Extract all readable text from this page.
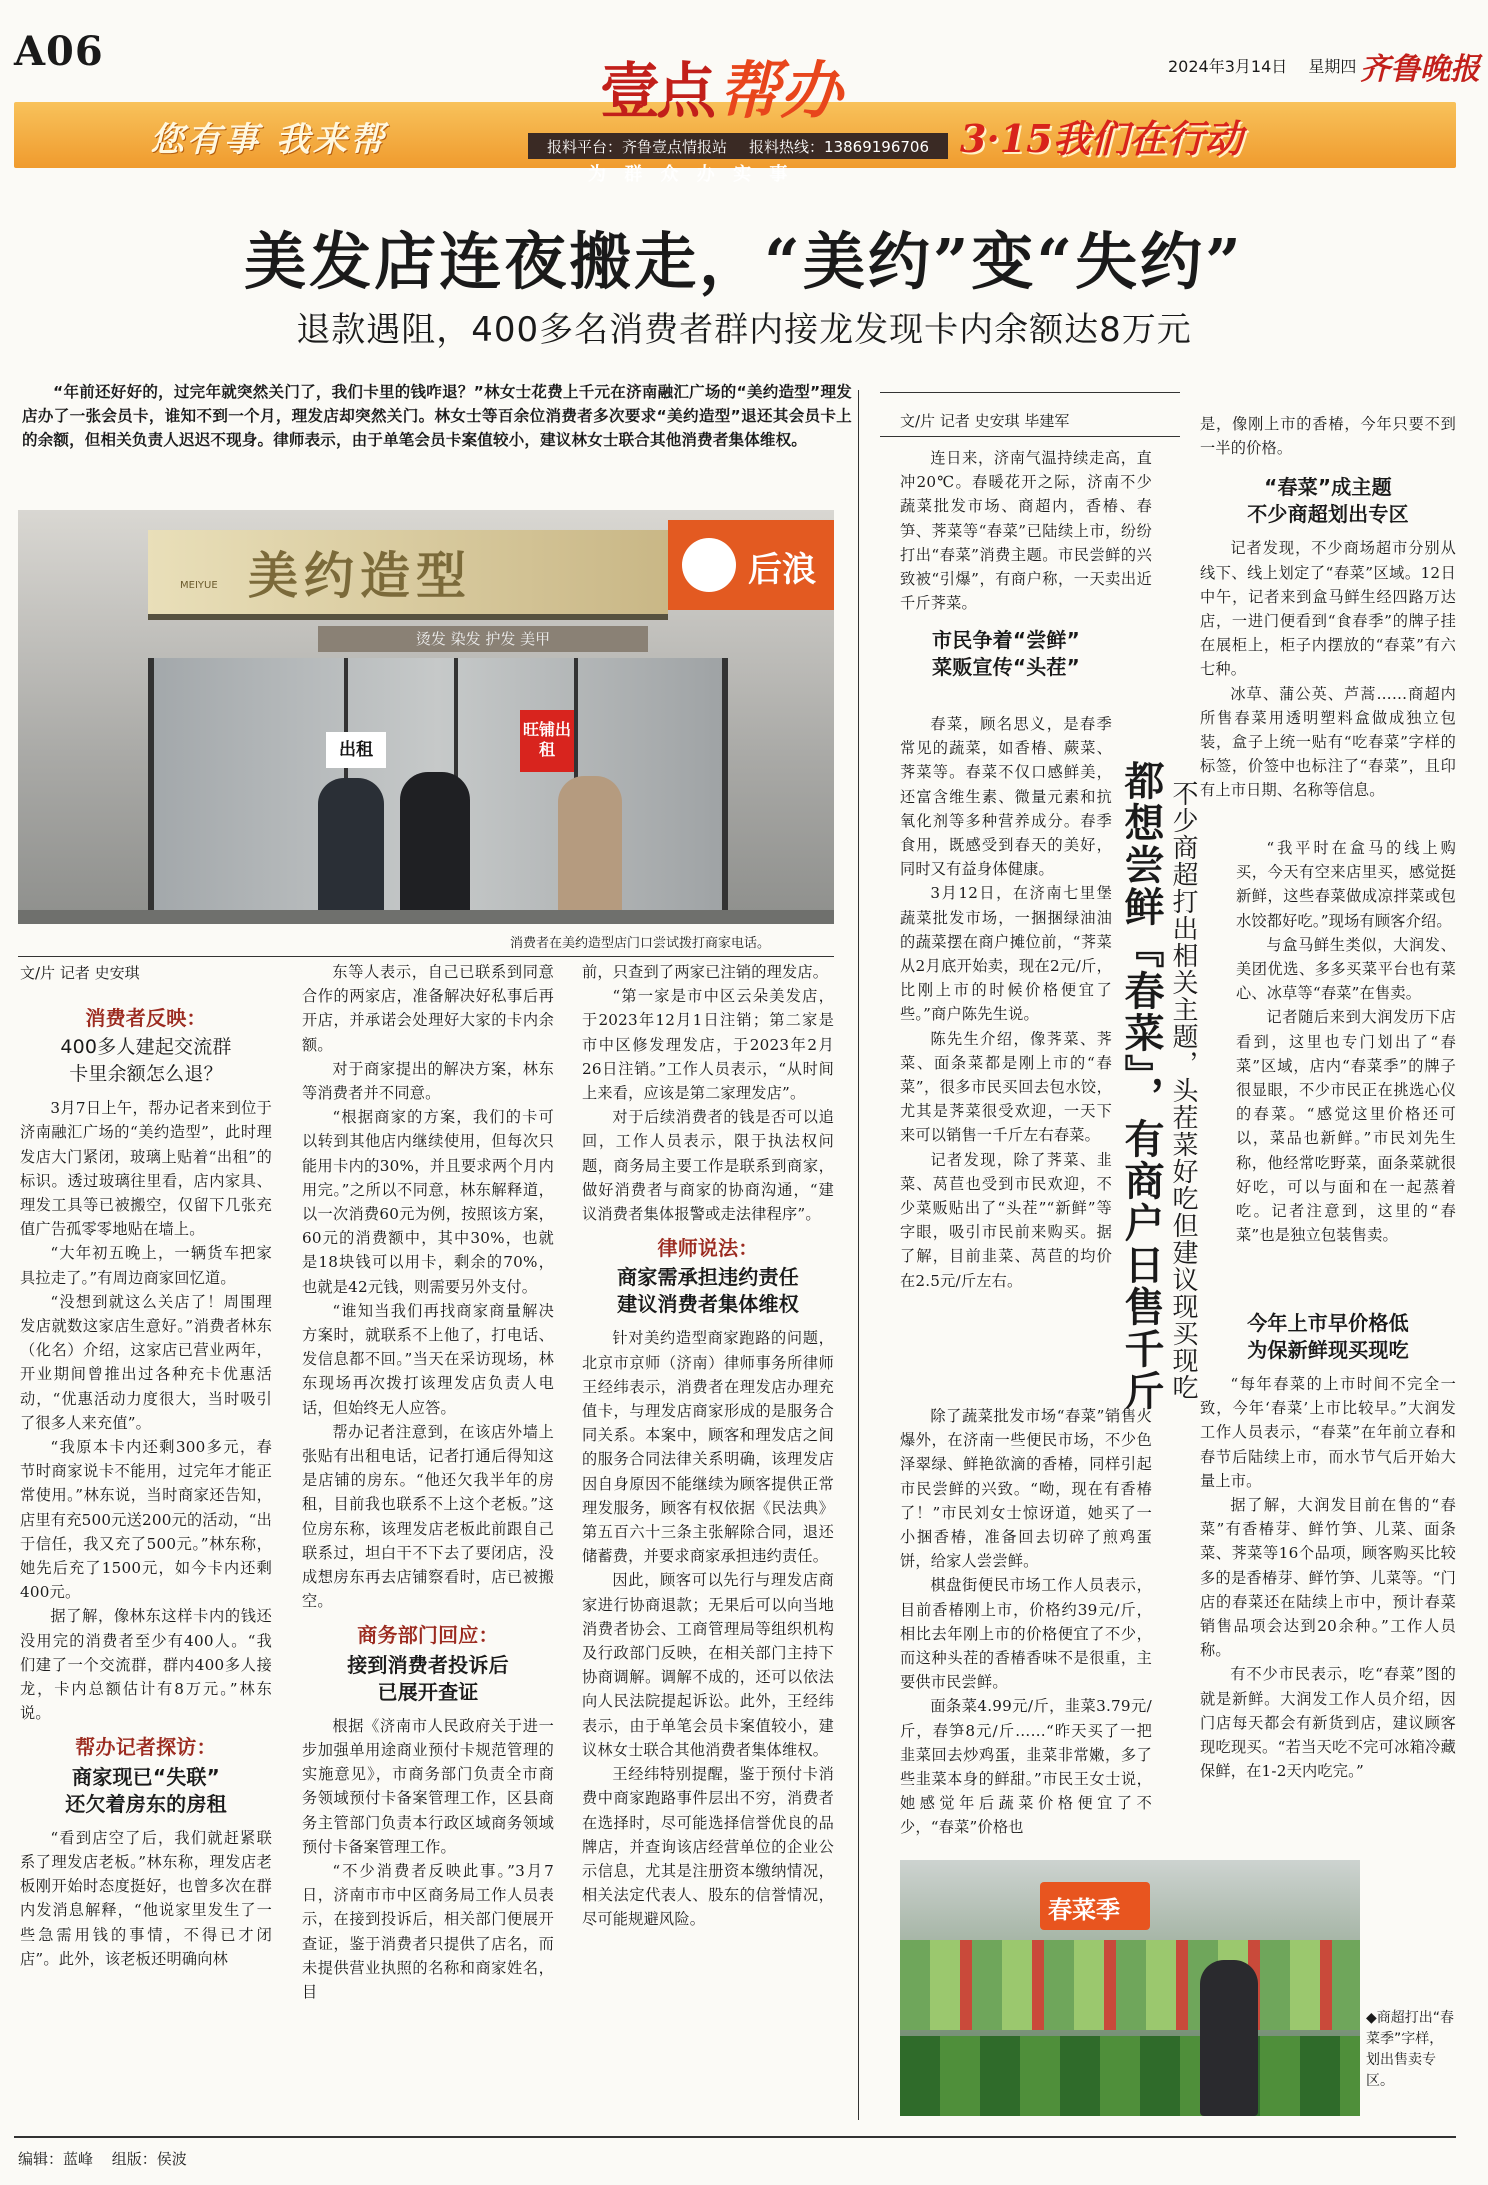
A06	2024年3月14日 星期四 齐鲁晚报
您有事 我来帮
壹点 帮办
报料平台：齐鲁壹点情报站 报料热线：13869196706
为 群 众 办 实 事
3·15我们在行动
美发店连夜搬走，“美约”变“失约”
退款遇阻，400多名消费者群内接龙发现卡内余额达8万元

“年前还好好的，过完年就突然关门了，我们卡里的钱咋退？”林女士花费上千元在济南融汇广场的“美约造型”理发店办了一张会员卡，谁知不到一个月，理发店却突然关门。林女士等百余位消费者多次要求“美约造型”退还其会员卡上的余额，但相关负责人迟迟不现身。律师表示，由于单笔会员卡案值较小，建议林女士联合其他消费者集体维权。

MEIYUE 美约造型
烫发 染发 护发 美甲
后浪
出租
旺铺出租
消费者在美约造型店门口尝试拨打商家电话。
文/片 记者 史安琪
消费者反映：
400多人建起交流群
卡里余额怎么退？

3月7日上午，帮办记者来到位于济南融汇广场的“美约造型”，此时理发店大门紧闭，玻璃上贴着“出租”的标识。透过玻璃往里看，店内家具、理发工具等已被搬空，仅留下几张充值广告孤零零地贴在墙上。

“大年初五晚上，一辆货车把家具拉走了。”有周边商家回忆道。

“没想到就这么关店了！周围理发店就数这家店生意好。”消费者林东（化名）介绍，这家店已营业两年，开业期间曾推出过各种充卡优惠活动，“优惠活动力度很大，当时吸引了很多人来充值”。

“我原本卡内还剩300多元，春节时商家说卡不能用，过完年才能正常使用。”林东说，当时商家还告知，店里有充500元送200元的活动，“出于信任，我又充了500元。”林东称，她先后充了1500元，如今卡内还剩400元。

据了解，像林东这样卡内的钱还没用完的消费者至少有400人。“我们建了一个交流群，群内400多人接龙，卡内总额估计有8万元。”林东说。

帮办记者探访：
商家现已“失联”
还欠着房东的房租

“看到店空了后，我们就赶紧联系了理发店老板。”林东称，理发店老板刚开始时态度挺好，也曾多次在群内发消息解释，“他说家里发生了一些急需用钱的事情，不得已才闭店”。此外，该老板还明确向林

东等人表示，自己已联系到同意合作的两家店，准备解决好私事后再开店，并承诺会处理好大家的卡内余额。

对于商家提出的解决方案，林东等消费者并不同意。

“根据商家的方案，我们的卡可以转到其他店内继续使用，但每次只能用卡内的30%，并且要求两个月内用完。”之所以不同意，林东解释道，以一次消费60元为例，按照该方案，60元的消费额中，其中30%，也就是18块钱可以用卡，剩余的70%，也就是42元钱，则需要另外支付。

“谁知当我们再找商家商量解决方案时，就联系不上他了，打电话、发信息都不回。”当天在采访现场，林东现场再次拨打该理发店负责人电话，但始终无人应答。

帮办记者注意到，在该店外墙上张贴有出租电话，记者打通后得知这是店铺的房东。“他还欠我半年的房租，目前我也联系不上这个老板。”这位房东称，该理发店老板此前跟自己联系过，坦白干不下去了要闭店，没成想房东再去店铺察看时，店已被搬空。

商务部门回应：
接到消费者投诉后
已展开查证

根据《济南市人民政府关于进一步加强单用途商业预付卡规范管理的实施意见》，市商务部门负责全市商务领域预付卡备案管理工作，区县商务主管部门负责本行政区域商务领域预付卡备案管理工作。

“不少消费者反映此事。”3月7日，济南市市中区商务局工作人员表示，在接到投诉后，相关部门便展开查证，鉴于消费者只提供了店名，而未提供营业执照的名称和商家姓名，目

前，只查到了两家已注销的理发店。

“第一家是市中区云朵美发店，于2023年12月1日注销；第二家是市中区修发理发店，于2023年2月26日注销。”工作人员表示，“从时间上来看，应该是第二家理发店”。

对于后续消费者的钱是否可以追回，工作人员表示，限于执法权问题，商务局主要工作是联系到商家，做好消费者与商家的协商沟通，“建议消费者集体报警或走法律程序”。

律师说法：
商家需承担违约责任
建议消费者集体维权

针对美约造型商家跑路的问题，北京市京师（济南）律师事务所律师王经纬表示，消费者在理发店办理充值卡，与理发店商家形成的是服务合同关系。本案中，顾客和理发店之间的服务合同法律关系明确，该理发店因自身原因不能继续为顾客提供正常理发服务，顾客有权依据《民法典》第五百六十三条主张解除合同，退还储蓄费，并要求商家承担违约责任。

因此，顾客可以先行与理发店商家进行协商退款；无果后可以向当地消费者协会、工商管理局等组织机构及行政部门反映，在相关部门主持下协商调解。调解不成的，还可以依法向人民法院提起诉讼。此外，王经纬表示，由于单笔会员卡案值较小，建议林女士联合其他消费者集体维权。

王经纬特别提醒，鉴于预付卡消费中商家跑路事件层出不穷，消费者在选择时，尽可能选择信誉优良的品牌店，并查询该店经营单位的企业公示信息，尤其是注册资本缴纳情况，相关法定代表人、股东的信誉情况，尽可能规避风险。

文/片 记者 史安琪 毕建军
都想尝鲜『春菜』，有商户日售千斤 不少商超打出相关主题，头茬菜好吃但建议现买现吃

连日来，济南气温持续走高，直冲20℃。春暖花开之际，济南不少蔬菜批发市场、商超内，香椿、春笋、荠菜等“春菜”已陆续上市，纷纷打出“春菜”消费主题。市民尝鲜的兴致被“引爆”，有商户称，一天卖出近千斤荠菜。

市民争着“尝鲜”
菜贩宣传“头茬”

春菜，顾名思义，是春季常见的蔬菜，如香椿、蕨菜、荠菜等。春菜不仅口感鲜美，还富含维生素、微量元素和抗氧化剂等多种营养成分。春季食用，既感受到春天的美好，同时又有益身体健康。

3月12日，在济南七里堡蔬菜批发市场，一捆捆绿油油的蔬菜摆在商户摊位前，“荠菜从2月底开始卖，现在2元/斤，比刚上市的时候价格便宜了些。”商户陈先生说。

陈先生介绍，像荠菜、荠菜、面条菜都是刚上市的“春菜”，很多市民买回去包水饺，尤其是荠菜很受欢迎，一天下来可以销售一千斤左右春菜。

记者发现，除了荠菜、韭菜、莴苣也受到市民欢迎，不少菜贩贴出了“头茬”“新鲜”等字眼，吸引市民前来购买。据了解，目前韭菜、莴苣的均价在2.5元/斤左右。

除了蔬菜批发市场“春菜”销售火爆外，在济南一些便民市场，不少色泽翠绿、鲜艳欲滴的香椿，同样引起市民尝鲜的兴致。“呦，现在有香椿了！”市民刘女士惊讶道，她买了一小捆香椿，准备回去切碎了煎鸡蛋饼，给家人尝尝鲜。

棋盘街便民市场工作人员表示，目前香椿刚上市，价格约39元/斤，相比去年刚上市的价格便宜了不少，而这种头茬的香椿香味不是很重，主要供市民尝鲜。

面条菜4.99元/斤，韭菜3.79元/斤，春笋8元/斤……“昨天买了一把韭菜回去炒鸡蛋，韭菜非常嫩，多了些韭菜本身的鲜甜。”市民王女士说，她感觉年后蔬菜价格便宜了不少，“春菜”价格也

是，像刚上市的香椿，今年只要不到一半的价格。

“春菜”成主题
不少商超划出专区

记者发现，不少商场超市分别从线下、线上划定了“春菜”区域。12日中午，记者来到盒马鲜生经四路万达店，一进门便看到“食春季”的牌子挂在展柜上，柜子内摆放的“春菜”有六七种。

冰草、蒲公英、芦蒿……商超内所售春菜用透明塑料盒做成独立包装，盒子上统一贴有“吃春菜”字样的标签，价签中也标注了“春菜”，且印有上市日期、名称等信息。

“我平时在盒马的线上购买，今天有空来店里买，感觉挺新鲜，这些春菜做成凉拌菜或包水饺都好吃。”现场有顾客介绍。

与盒马鲜生类似，大润发、美团优选、多多买菜平台也有菜心、冰草等“春菜”在售卖。

记者随后来到大润发历下店看到，这里也专门划出了“春菜”区域，店内“春菜季”的牌子很显眼，不少市民正在挑选心仪的春菜。“感觉这里价格还可以，菜品也新鲜。”市民刘先生称，他经常吃野菜，面条菜就很好吃，可以与面和在一起蒸着吃。记者注意到，这里的“春菜”也是独立包装售卖。

今年上市早价格低
为保新鲜现买现吃

“每年春菜的上市时间不完全一致，今年‘春菜’上市比较早。”大润发工作人员表示，“春菜”在年前立春和春节后陆续上市，而水节气后开始大量上市。

据了解，大润发目前在售的“春菜”有香椿芽、鲜竹笋、儿菜、面条菜、荠菜等16个品项，顾客购买比较多的是香椿芽、鲜竹笋、儿菜等。“门店的春菜还在陆续上市中，预计春菜销售品项会达到20余种。”工作人员称。

有不少市民表示，吃“春菜”图的就是新鲜。大润发工作人员介绍，因门店每天都会有新货到店，建议顾客现吃现买。“若当天吃不完可冰箱冷藏保鲜，在1-2天内吃完。”

春菜季
◆商超打出“春菜季”字样，划出售卖专区。
编辑：蓝峰 组版：侯波
